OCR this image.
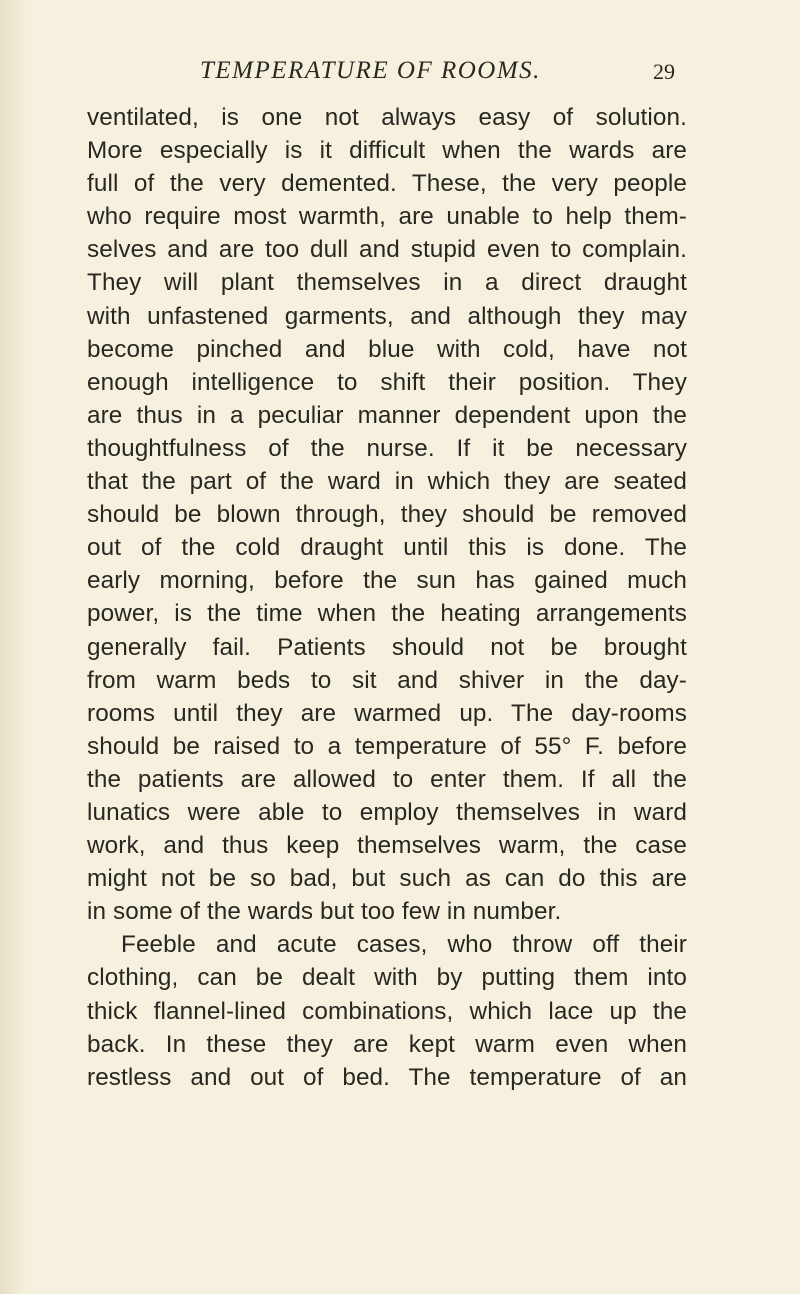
TEMPERATURE OF ROOMS.	29
ventilated, is one not always easy of solution.
More especially is it difficult when the wards are
full of the very demented. These, the very people
who require most warmth, are unable to help them-
selves and are too dull and stupid even to complain.
They will plant themselves in a direct draught
with unfastened garments, and although they may
become pinched and blue with cold, have not
enough intelligence to shift their position. They
are thus in a peculiar manner dependent upon the
thoughtfulness of the nurse. If it be necessary
that the part of the ward in which they are seated
should be blown through, they should be removed
out of the cold draught until this is done. The
early morning, before the sun has gained much
power, is the time when the heating arrangements
generally fail. Patients should not be brought
from warm beds to sit and shiver in the day-
rooms until they are warmed up. The day-rooms
should be raised to a temperature of 55° F. before
the patients are allowed to enter them. If all the
lunatics were able to employ themselves in ward
work, and thus keep themselves warm, the case
might not be so bad, but such as can do this are
in some of the wards but too few in number.
Feeble and acute cases, who throw off their
clothing, can be dealt with by putting them into
thick flannel-lined combinations, which lace up the
back. In these they are kept warm even when
restless and out of bed. The temperature of an
